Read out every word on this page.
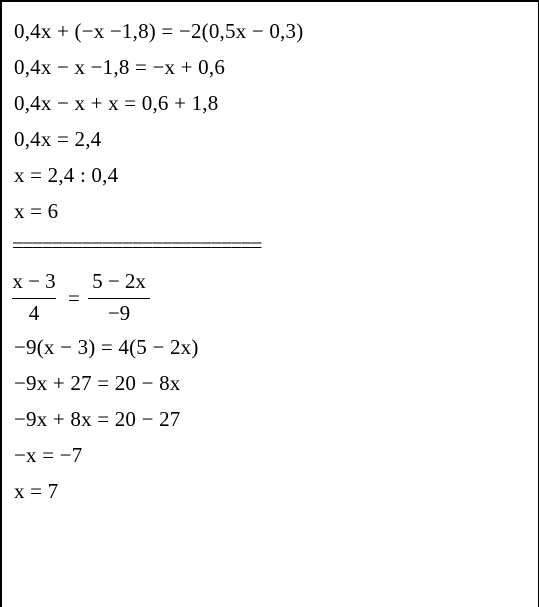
0,4x + (−x −1,8) = −2(0,5x − 0,3)
0,4x − x −1,8 = −x + 0,6
0,4x − x + x = 0,6 + 1,8
0,4x = 2,4
x = 2,4 : 0,4
x = 6
=========================
x − 3
4
=
5 − 2x
−9
−9(x − 3) = 4(5 − 2x)
−9x + 27 = 20 − 8x
−9x + 8x = 20 − 27
−x = −7
x = 7
